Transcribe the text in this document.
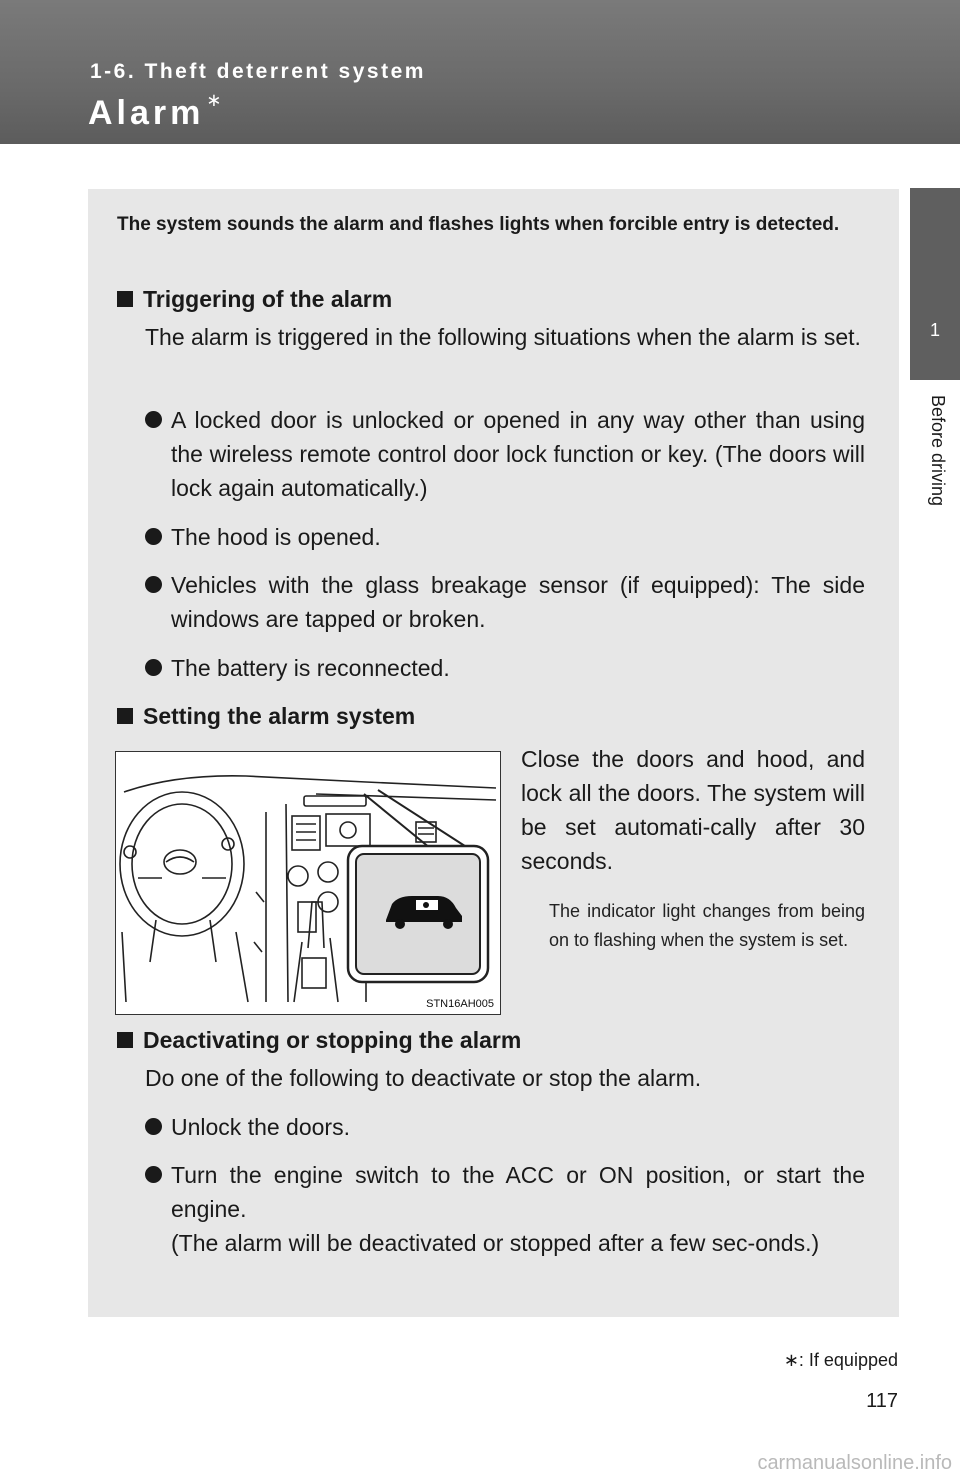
1-6. Theft deterrent system
Alarm ∗
1
Before driving
The system sounds the alarm and flashes lights when forcible entry is detected.
Triggering of the alarm
The alarm is triggered in the following situations when the alarm is set.
A locked door is unlocked or opened in any way other than using the wireless remote control door lock function or key. (The doors will lock again automatically.)
The hood is opened.
Vehicles with the glass breakage sensor (if equipped): The side windows are tapped or broken.
The battery is reconnected.
Setting the alarm system
STN16AH005
Close the doors and hood, and lock all the doors. The system will be set automati-cally after 30 seconds.
The indicator light changes from being on to flashing when the system is set.
Deactivating or stopping the alarm
Do one of the following to deactivate or stop the alarm.
Unlock the doors.
Turn the engine switch to the ACC or ON position, or start the engine.
(The alarm will be deactivated or stopped after a few sec-onds.)
∗: If equipped
117
carmanualsonline.info
